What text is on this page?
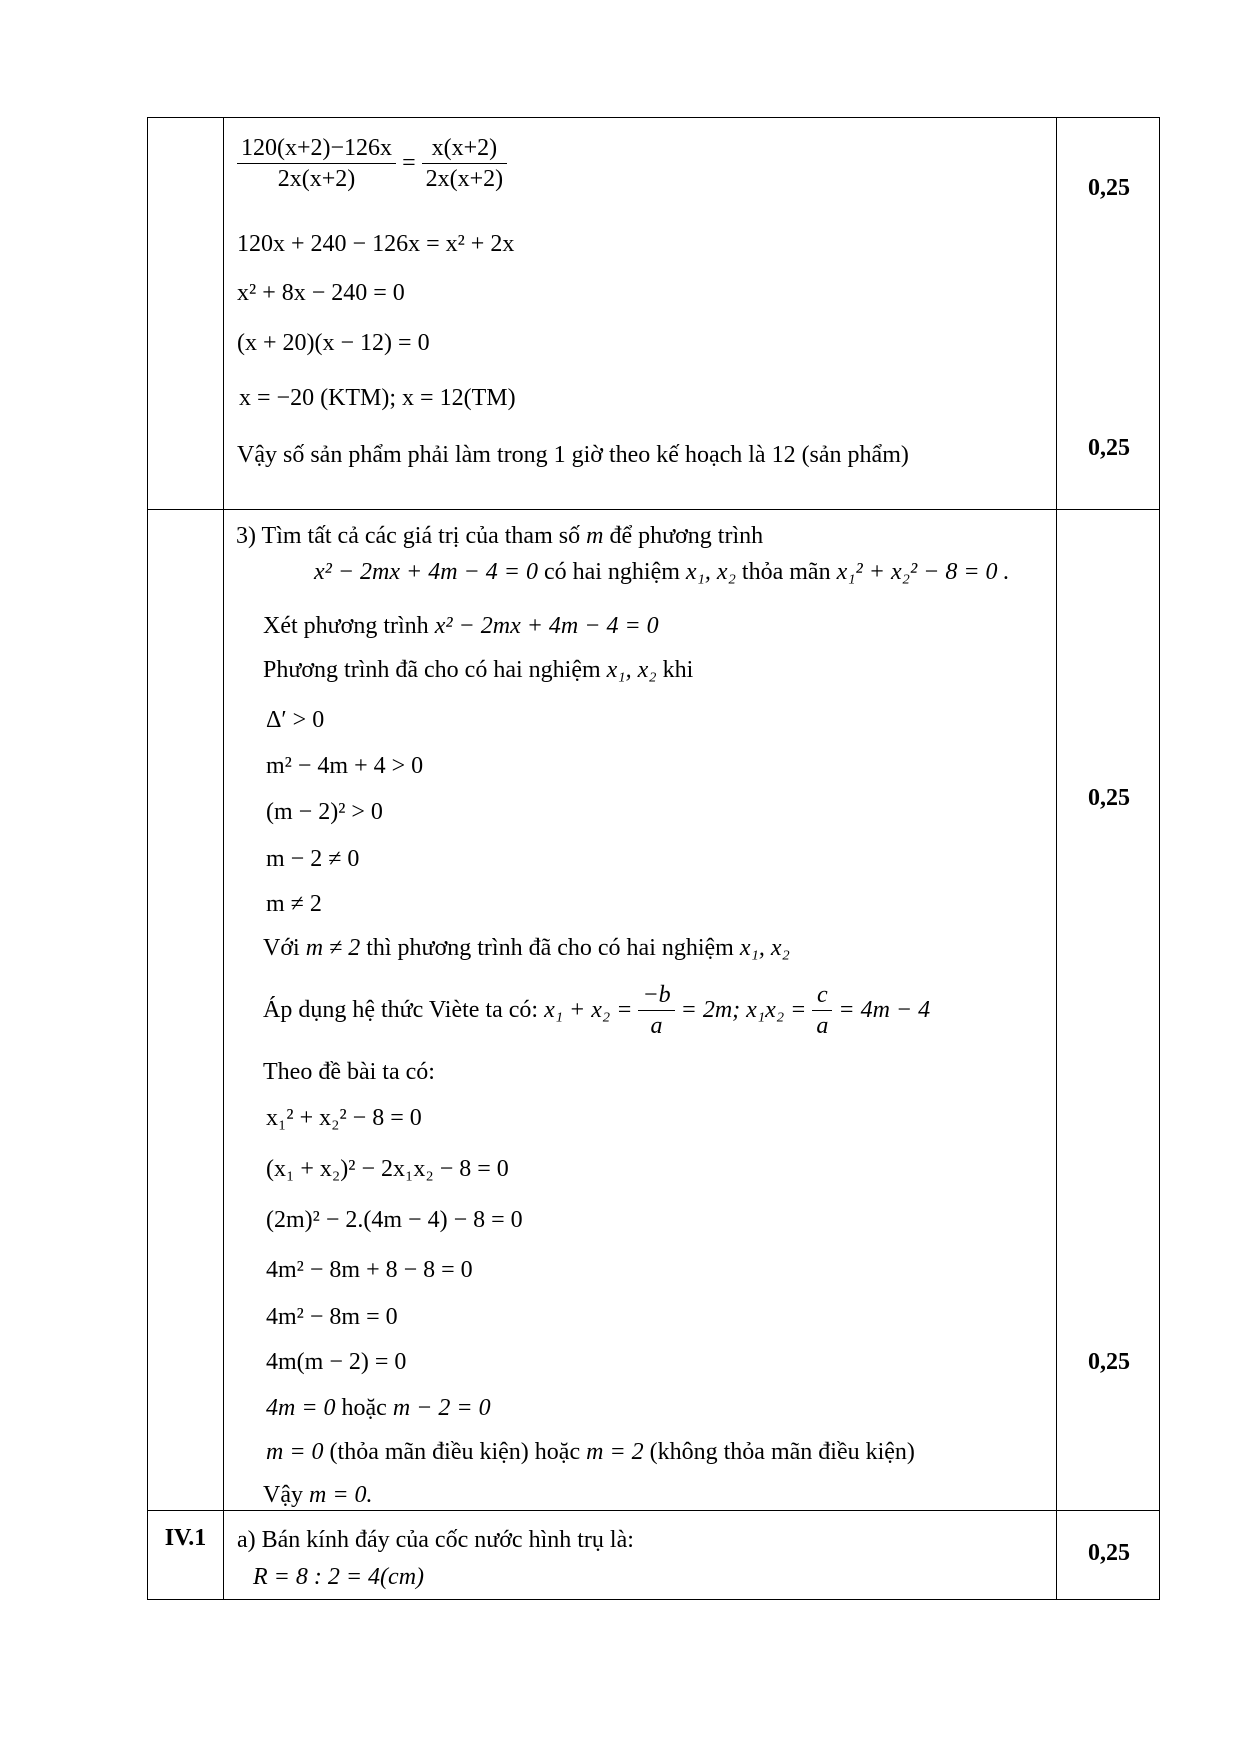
$\frac{120(x+2)-126x}{2x(x+2)} = \frac{x(x+2)}{2x(x+2)}$	0,25
120x + 240 − 126x = x² + 2x
x² + 8x − 240 = 0
(x + 20)(x − 12) = 0
x = −20 (KTM); x = 12(TM)
Vậy số sản phẩm phải làm trong 1 giờ theo kế hoạch là 12 (sản phẩm)	0,25
3) Tìm tất cả các giá trị của tham số m để phương trình
x² − 2mx + 4m − 4 = 0 có hai nghiệm x₁, x₂ thỏa mãn x₁² + x₂² − 8 = 0 .
Xét phương trình x² − 2mx + 4m − 4 = 0
Phương trình đã cho có hai nghiệm x₁, x₂ khi
Δ′ > 0
m² − 4m + 4 > 0
(m − 2)² > 0
0,25
m − 2 ≠ 0
m ≠ 2
Với m ≠ 2 thì phương trình đã cho có hai nghiệm x₁, x₂
Áp dụng hệ thức Viète ta có: $x_1 + x_2 = \frac{-b}{a} = 2m$; $x_1x_2 = \frac{c}{a} = 4m - 4$
Theo đề bài ta có:
x₁² + x₂² − 8 = 0
(x₁ + x₂)² − 2x₁x₂ − 8 = 0
(2m)² − 2.(4m − 4) − 8 = 0
4m² − 8m + 8 − 8 = 0
4m² − 8m = 0
4m(m − 2) = 0	0,25
4m = 0 hoặc m − 2 = 0
m = 0 (thỏa mãn điều kiện) hoặc m = 2 (không thỏa mãn điều kiện)
Vậy m = 0.
IV.1	a) Bán kính đáy của cốc nước hình trụ là:
R = 8 : 2 = 4(cm)
0,25
